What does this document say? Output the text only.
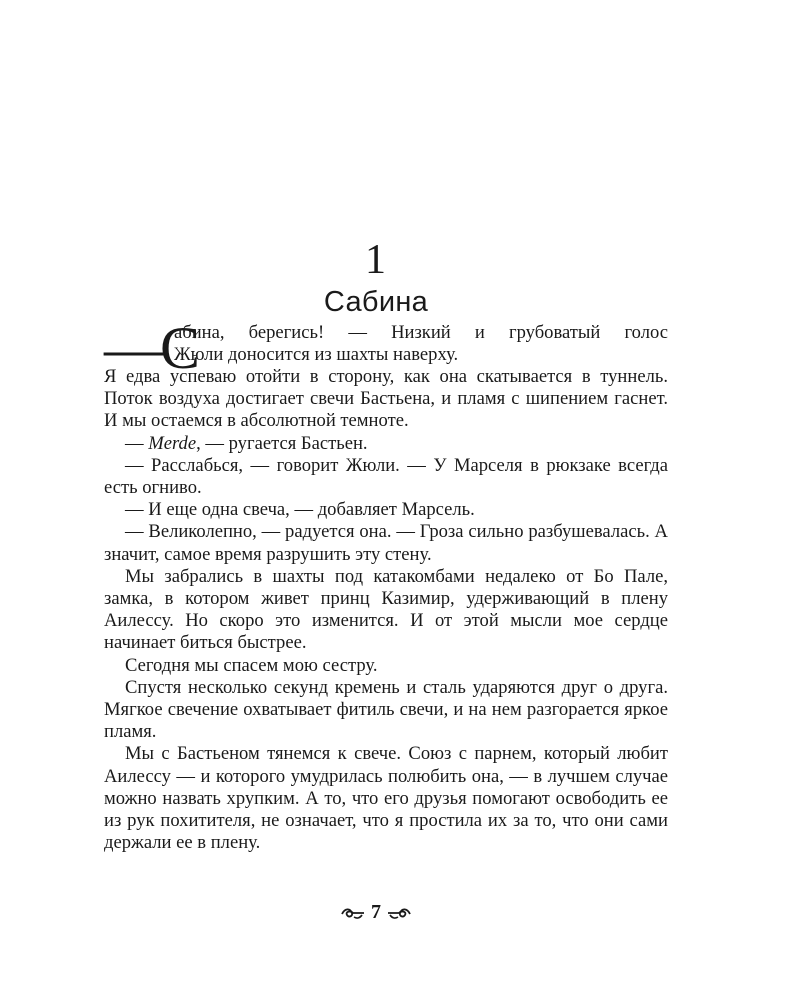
1
Сабина
—С
абина, берегись! — Низкий и грубоватый голос
Жюли доносится из шахты наверху.

Я едва успеваю отойти в сторону, как она скатывается в туннель. Поток воздуха достигает свечи Бастьена, и пламя с шипением гаснет. И мы остаемся в абсолютной темноте.

— Merde, — ругается Бастьен.

— Расслабься, — говорит Жюли. — У Марселя в рюкзаке всегда есть огниво.

— И еще одна свеча, — добавляет Марсель.

— Великолепно, — радуется она. — Гроза сильно разбушевалась. А значит, самое время разрушить эту стену.

Мы забрались в шахты под катакомбами недалеко от Бо Пале, замка, в котором живет принц Казимир, удерживающий в плену Аилессу. Но скоро это изменится. И от этой мысли мое сердце начинает биться быстрее.

Сегодня мы спасем мою сестру.

Спустя несколько секунд кремень и сталь ударяются друг о друга. Мягкое свечение охватывает фитиль свечи, и на нем разгорается яркое пламя.

Мы с Бастьеном тянемся к свече. Союз с парнем, который любит Аилессу — и которого умудрилась полюбить она, — в лучшем случае можно назвать хрупким. А то, что его друзья помогают освободить ее из рук похитителя, не означает, что я простила их за то, что они сами держали ее в плену.

7
